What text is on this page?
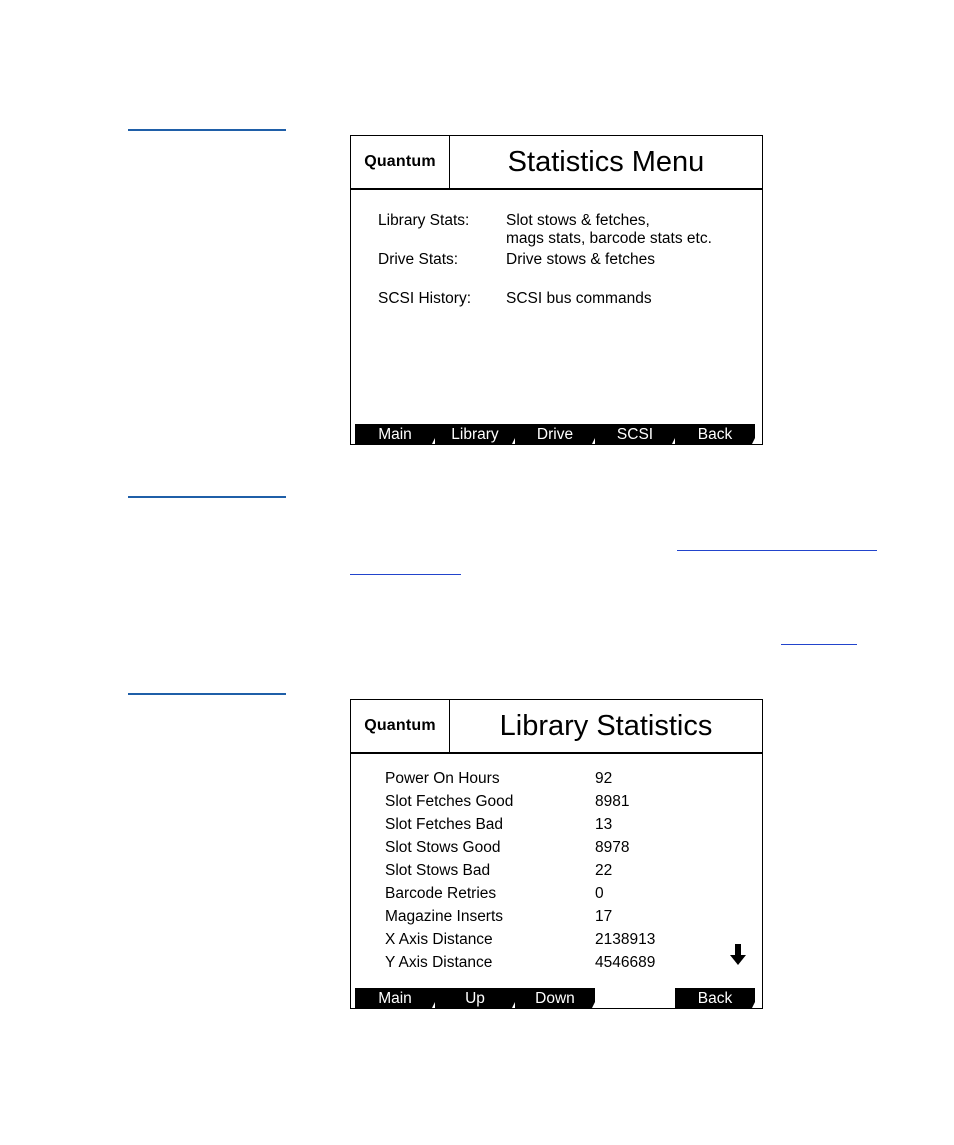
Quantum	Statistics Menu
Library Stats: Slot stows & fetches,
mags stats, barcode stats etc.
Drive Stats:	Drive stows & fetches
SCSI History: SCSI bus commands
Main	Library	Drive	SCSI	Back
Quantum	Library Statistics
Power On Hours	92
Slot Fetches Good	8981
Slot Fetches Bad	13
Slot Stows Good	8978
Slot Stows Bad	22
Barcode Retries	0
Magazine Inserts	17
X Axis Distance	2138913
Y Axis Distance	4546689
Main	Up	Down	Back
